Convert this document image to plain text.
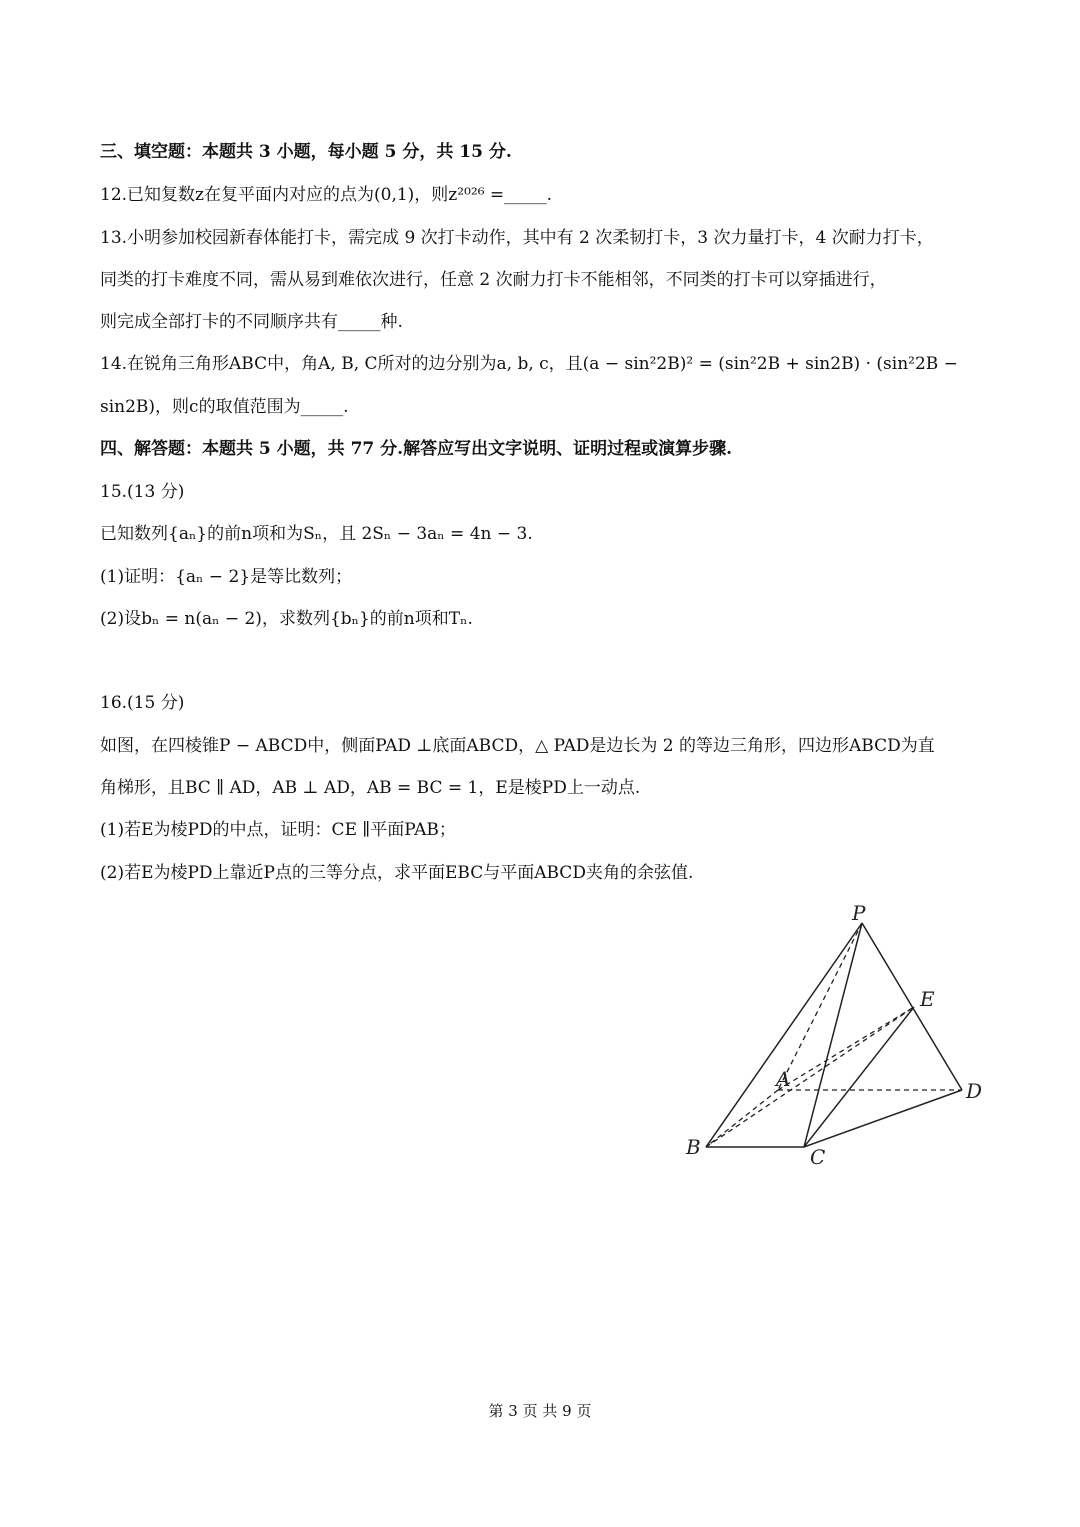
三、填空题：本题共 3 小题，每小题 5 分，共 15 分.
12.已知复数z在复平面内对应的点为(0,1)，则z²⁰²⁶ =_____.
13.小明参加校园新春体能打卡，需完成 9 次打卡动作，其中有 2 次柔韧打卡，3 次力量打卡，4 次耐力打卡，
同类的打卡难度不同，需从易到难依次进行，任意 2 次耐力打卡不能相邻，不同类的打卡可以穿插进行，
则完成全部打卡的不同顺序共有_____种.
14.在锐角三角形ABC中，角A, B, C所对的边分别为a, b, c，且(a − sin²2B)² = (sin²2B + sin2B) · (sin²2B −
sin2B)，则c的取值范围为_____.
四、解答题：本题共 5 小题，共 77 分.解答应写出文字说明、证明过程或演算步骤.
15.(13 分)
已知数列{aₙ}的前n项和为Sₙ，且 2Sₙ − 3aₙ = 4n − 3.
(1)证明：{aₙ − 2}是等比数列；
(2)设bₙ = n(aₙ − 2)，求数列{bₙ}的前n项和Tₙ.
16.(15 分)
如图，在四棱锥P − ABCD中，侧面PAD ⊥底面ABCD，△ PAD是边长为 2 的等边三角形，四边形ABCD为直
角梯形，且BC ∥ AD，AB ⊥ AD，AB = BC = 1，E是棱PD上一动点.
(1)若E为棱PD的中点，证明：CE ∥平面PAB；
(2)若E为棱PD上靠近P点的三等分点，求平面EBC与平面ABCD夹角的余弦值.
P
E
A	D
B	C
第 3 页 共 9 页
